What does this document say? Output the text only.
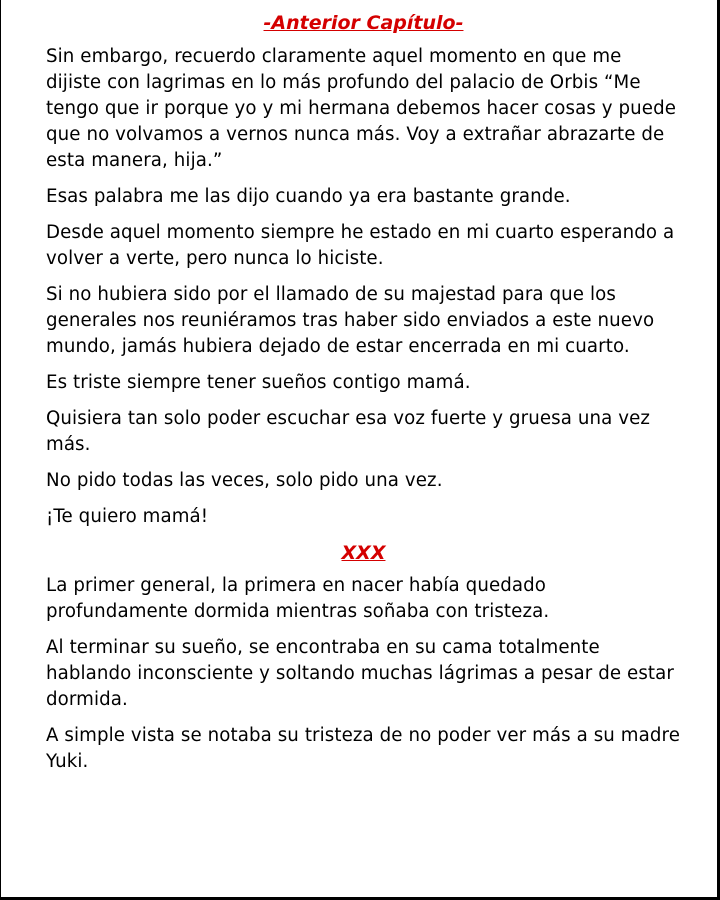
-Anterior Capítulo-

Sin embargo, recuerdo claramente aquel momento en que me dijiste con lagrimas en lo más profundo del palacio de Orbis “Me tengo que ir porque yo y mi hermana debemos hacer cosas y puede que no volvamos a vernos nunca más. Voy a extrañar abrazarte de esta manera, hija.”

Esas palabra me las dijo cuando ya era bastante grande.

Desde aquel momento siempre he estado en mi cuarto esperando a volver a verte, pero nunca lo hiciste.

Si no hubiera sido por el llamado de su majestad para que los generales nos reuniéramos tras haber sido enviados a este nuevo mundo, jamás hubiera dejado de estar encerrada en mi cuarto.

Es triste siempre tener sueños contigo mamá.

Quisiera tan solo poder escuchar esa voz fuerte y gruesa una vez más.

No pido todas las veces, solo pido una vez.

¡Te quiero mamá!

XXX

La primer general, la primera en nacer había quedado profundamente dormida mientras soñaba con tristeza.

Al terminar su sueño, se encontraba en su cama totalmente hablando inconsciente y soltando muchas lágrimas a pesar de estar dormida.

A simple vista se notaba su tristeza de no poder ver más a su madre Yuki.
